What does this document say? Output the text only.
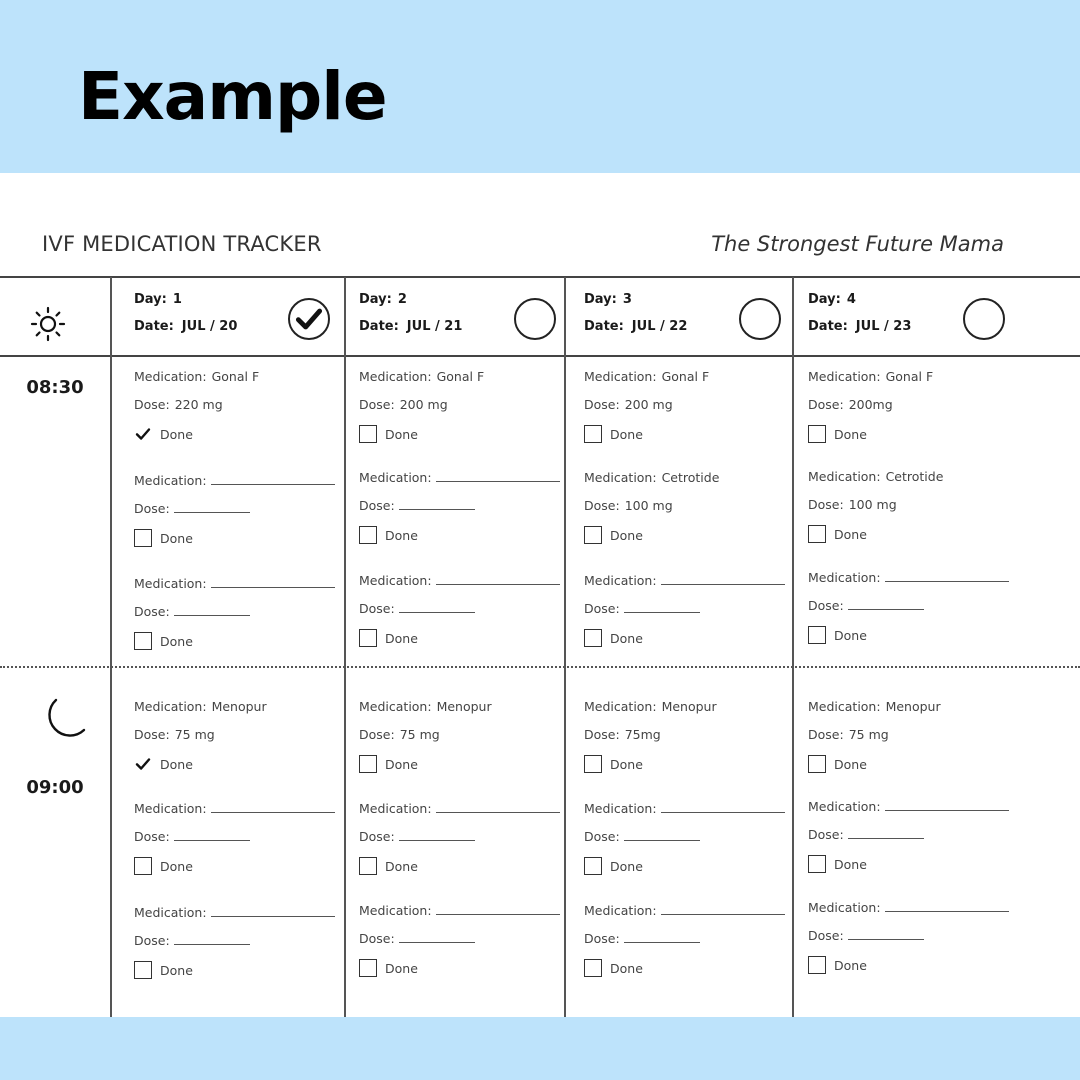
Example
IVF MEDICATION TRACKER	The Strongest Future Mama
08:30
09:00
Day: 1
Date: JUL / 20
Medication: Gonal F
Dose: 220 mg
Done
Medication:
Dose:
Done
Medication:
Dose:
Done
Medication: Menopur
Dose: 75 mg
Done
Medication:
Dose:
Done
Medication:
Dose:
Done
Day: 2
Date: JUL / 21
Medication: Gonal F
Dose: 200 mg
Done
Medication:
Dose:
Done
Medication:
Dose:
Done
Medication: Menopur
Dose: 75 mg
Done
Medication:
Dose:
Done
Medication:
Dose:
Done
Day: 3
Date: JUL / 22
Medication: Gonal F
Dose: 200 mg
Done
Medication: Cetrotide
Dose: 100 mg
Done
Medication:
Dose:
Done
Medication: Menopur
Dose: 75mg
Done
Medication:
Dose:
Done
Medication:
Dose:
Done
Day: 4
Date: JUL / 23
Medication: Gonal F
Dose: 200mg
Done
Medication: Cetrotide
Dose: 100 mg
Done
Medication:
Dose:
Done
Medication: Menopur
Dose: 75 mg
Done
Medication:
Dose:
Done
Medication:
Dose:
Done
